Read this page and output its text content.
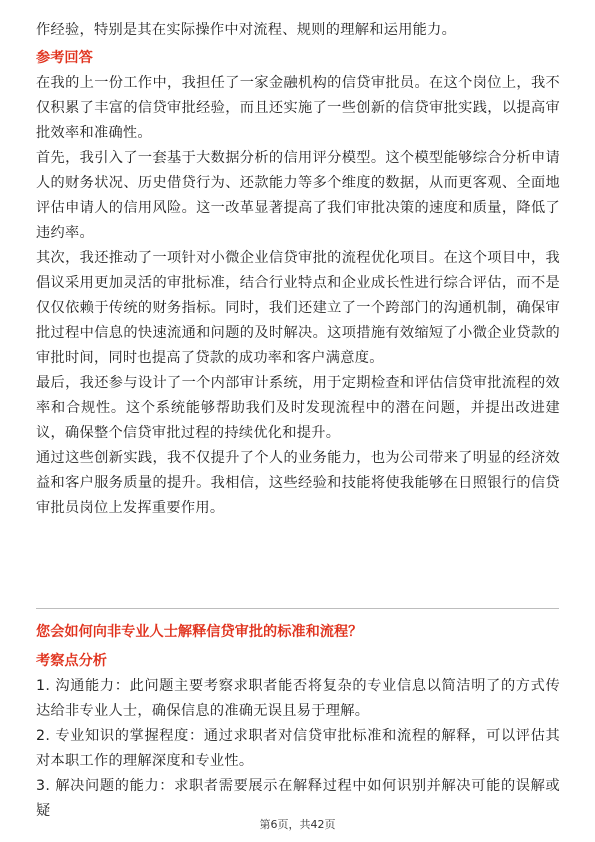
作经验，特别是其在实际操作中对流程、规则的理解和运用能力。

参考回答

在我的上一份工作中，我担任了一家金融机构的信贷审批员。在这个岗位上，我不仅积累了丰富的信贷审批经验，而且还实施了一些创新的信贷审批实践，以提高审批效率和准确性。

首先，我引入了一套基于大数据分析的信用评分模型。这个模型能够综合分析申请人的财务状况、历史借贷行为、还款能力等多个维度的数据，从而更客观、全面地评估申请人的信用风险。这一改革显著提高了我们审批决策的速度和质量，降低了违约率。

其次，我还推动了一项针对小微企业信贷审批的流程优化项目。在这个项目中，我倡议采用更加灵活的审批标准，结合行业特点和企业成长性进行综合评估，而不是仅仅依赖于传统的财务指标。同时，我们还建立了一个跨部门的沟通机制，确保审批过程中信息的快速流通和问题的及时解决。这项措施有效缩短了小微企业贷款的审批时间，同时也提高了贷款的成功率和客户满意度。

最后，我还参与设计了一个内部审计系统，用于定期检查和评估信贷审批流程的效率和合规性。这个系统能够帮助我们及时发现流程中的潜在问题，并提出改进建议，确保整个信贷审批过程的持续优化和提升。

通过这些创新实践，我不仅提升了个人的业务能力，也为公司带来了明显的经济效益和客户服务质量的提升。我相信，这些经验和技能将使我能够在日照银行的信贷审批员岗位上发挥重要作用。

您会如何向非专业人士解释信贷审批的标准和流程？

考察点分析

1. 沟通能力：此问题主要考察求职者能否将复杂的专业信息以简洁明了的方式传达给非专业人士，确保信息的准确无误且易于理解。

2. 专业知识的掌握程度：通过求职者对信贷审批标准和流程的解释，可以评估其对本职工作的理解深度和专业性。

3. 解决问题的能力：求职者需要展示在解释过程中如何识别并解决可能的误解或疑

第6页，共42页
